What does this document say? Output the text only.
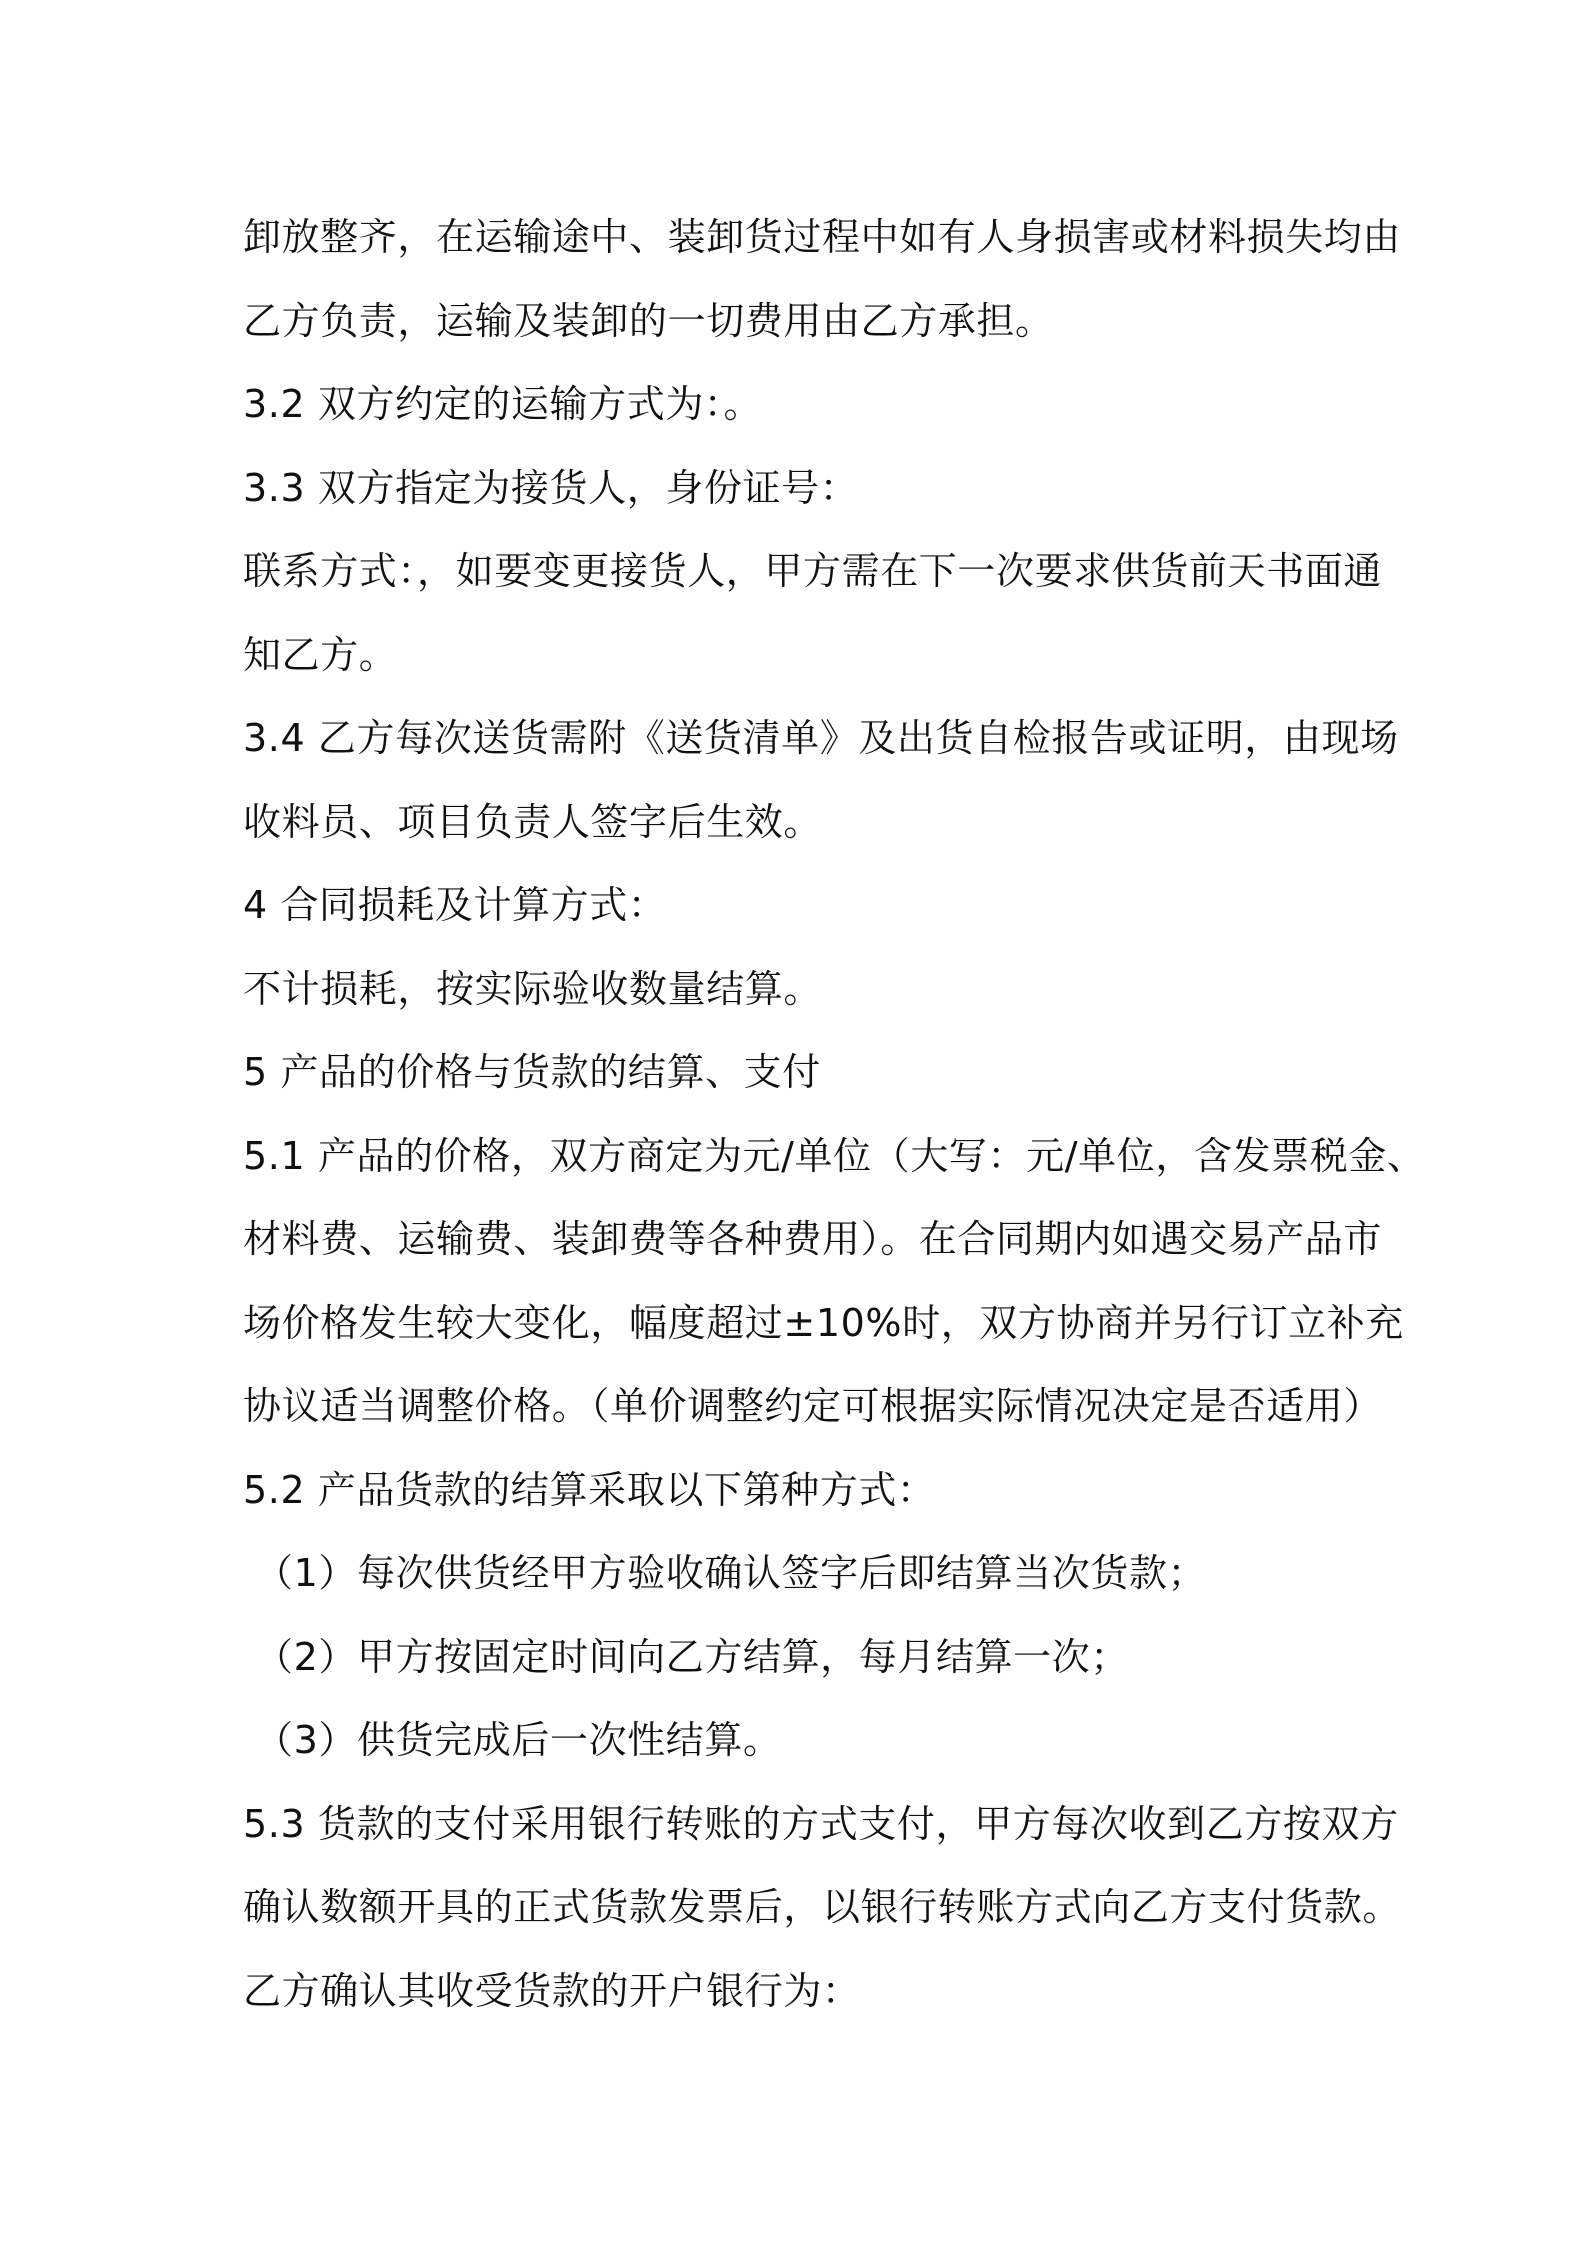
卸放整齐，在运输途中、装卸货过程中如有人身损害或材料损失均由
乙方负责，运输及装卸的一切费用由乙方承担。
3.2 双方约定的运输方式为：。
3.3 双方指定为接货人，身份证号：
联系方式：，如要变更接货人，甲方需在下一次要求供货前天书面通
知乙方。
3.4 乙方每次送货需附《送货清单》及出货自检报告或证明，由现场
收料员、项目负责人签字后生效。
4 合同损耗及计算方式：
不计损耗，按实际验收数量结算。
5 产品的价格与货款的结算、支付
5.1 产品的价格，双方商定为元/单位（大写：元/单位，含发票税金、
材料费、运输费、装卸费等各种费用）。在合同期内如遇交易产品市
场价格发生较大变化，幅度超过±10%时，双方协商并另行订立补充
协议适当调整价格。（单价调整约定可根据实际情况决定是否适用）
5.2 产品货款的结算采取以下第种方式：
（1）每次供货经甲方验收确认签字后即结算当次货款；
（2）甲方按固定时间向乙方结算，每月结算一次；
（3）供货完成后一次性结算。
5.3 货款的支付采用银行转账的方式支付，甲方每次收到乙方按双方
确认数额开具的正式货款发票后，以银行转账方式向乙方支付货款。
乙方确认其收受货款的开户银行为：
